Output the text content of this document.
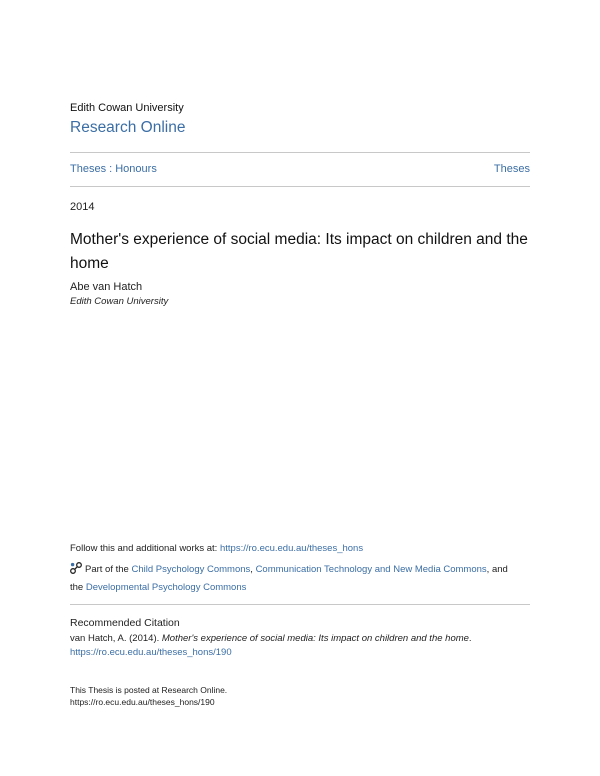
Edith Cowan University
Research Online
Theses : Honours	Theses
2014
Mother's experience of social media: Its impact on children and the home
Abe van Hatch
Edith Cowan University
Follow this and additional works at: https://ro.ecu.edu.au/theses_hons
Part of the Child Psychology Commons, Communication Technology and New Media Commons, and
the Developmental Psychology Commons
Recommended Citation
van Hatch, A. (2014). Mother's experience of social media: Its impact on children and the home.
https://ro.ecu.edu.au/theses_hons/190
This Thesis is posted at Research Online.
https://ro.ecu.edu.au/theses_hons/190
